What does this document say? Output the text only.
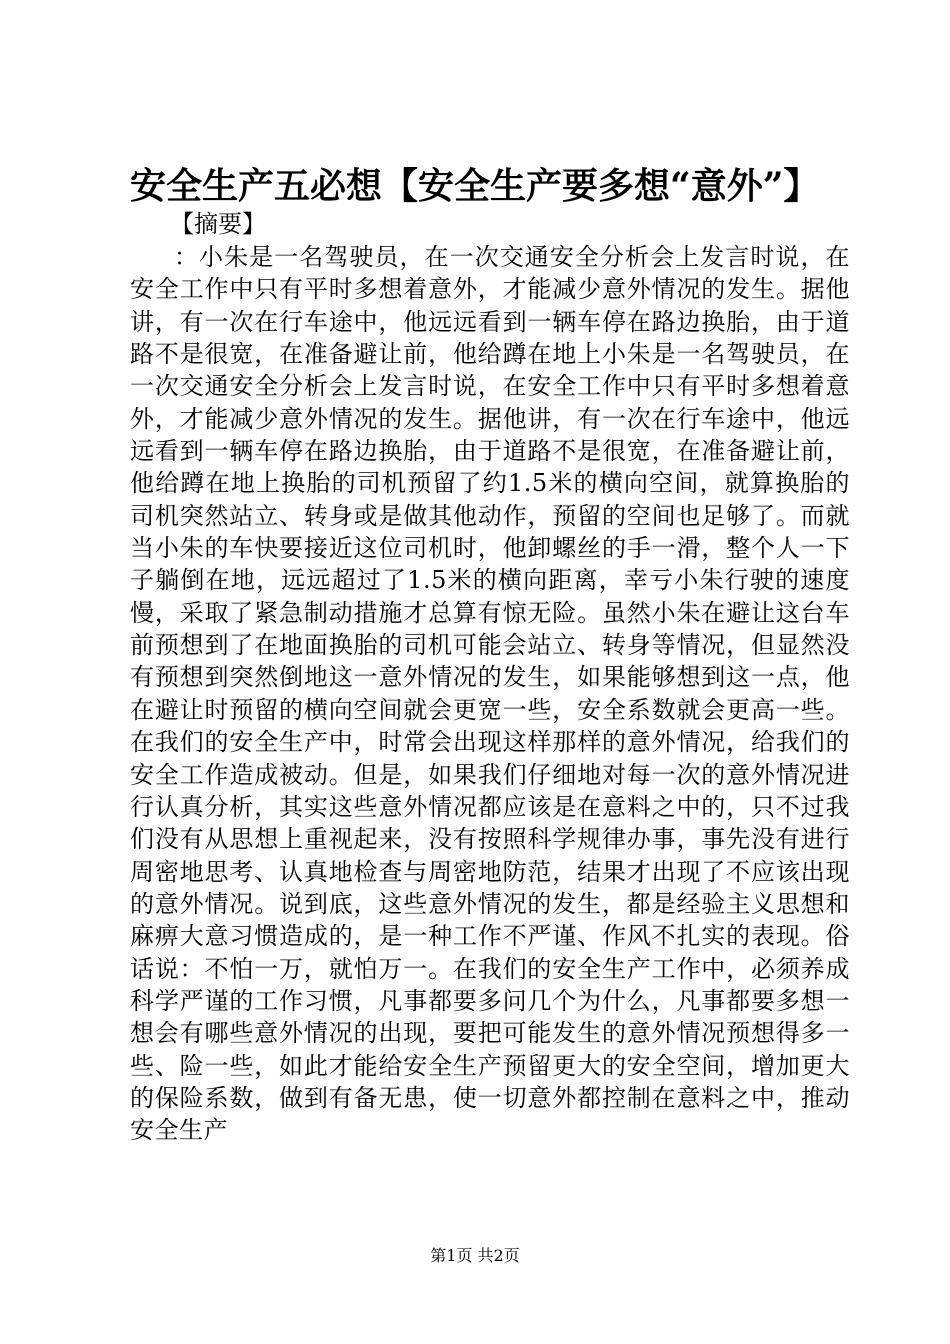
安全生产五必想【安全生产要多想“意外”】

【摘要】

：小朱是一名驾驶员，在一次交通安全分析会上发言时说，在安全工作中只有平时多想着意外，才能减少意外情况的发生。据他讲，有一次在行车途中，他远远看到一辆车停在路边换胎，由于道路不是很宽，在准备避让前，他给蹲在地上小朱是一名驾驶员，在一次交通安全分析会上发言时说，在安全工作中只有平时多想着意外，才能减少意外情况的发生。据他讲，有一次在行车途中，他远远看到一辆车停在路边换胎，由于道路不是很宽，在准备避让前，他给蹲在地上换胎的司机预留了约1.5米的横向空间，就算换胎的司机突然站立、转身或是做其他动作，预留的空间也足够了。而就当小朱的车快要接近这位司机时，他卸螺丝的手一滑，整个人一下子躺倒在地，远远超过了1.5米的横向距离，幸亏小朱行驶的速度慢，采取了紧急制动措施才总算有惊无险。虽然小朱在避让这台车前预想到了在地面换胎的司机可能会站立、转身等情况，但显然没有预想到突然倒地这一意外情况的发生，如果能够想到这一点，他在避让时预留的横向空间就会更宽一些，安全系数就会更高一些。在我们的安全生产中，时常会出现这样那样的意外情况，给我们的安全工作造成被动。但是，如果我们仔细地对每一次的意外情况进行认真分析，其实这些意外情况都应该是在意料之中的，只不过我们没有从思想上重视起来，没有按照科学规律办事，事先没有进行周密地思考、认真地检查与周密地防范，结果才出现了不应该出现的意外情况。说到底，这些意外情况的发生，都是经验主义思想和麻痹大意习惯造成的，是一种工作不严谨、作风不扎实的表现。俗话说：不怕一万，就怕万一。在我们的安全生产工作中，必须养成科学严谨的工作习惯，凡事都要多问几个为什么，凡事都要多想一想会有哪些意外情况的出现，要把可能发生的意外情况预想得多一些、险一些，如此才能给安全生产预留更大的安全空间，增加更大的保险系数，做到有备无患，使一切意外都控制在意料之中，推动安全生产

第1页 共2页
